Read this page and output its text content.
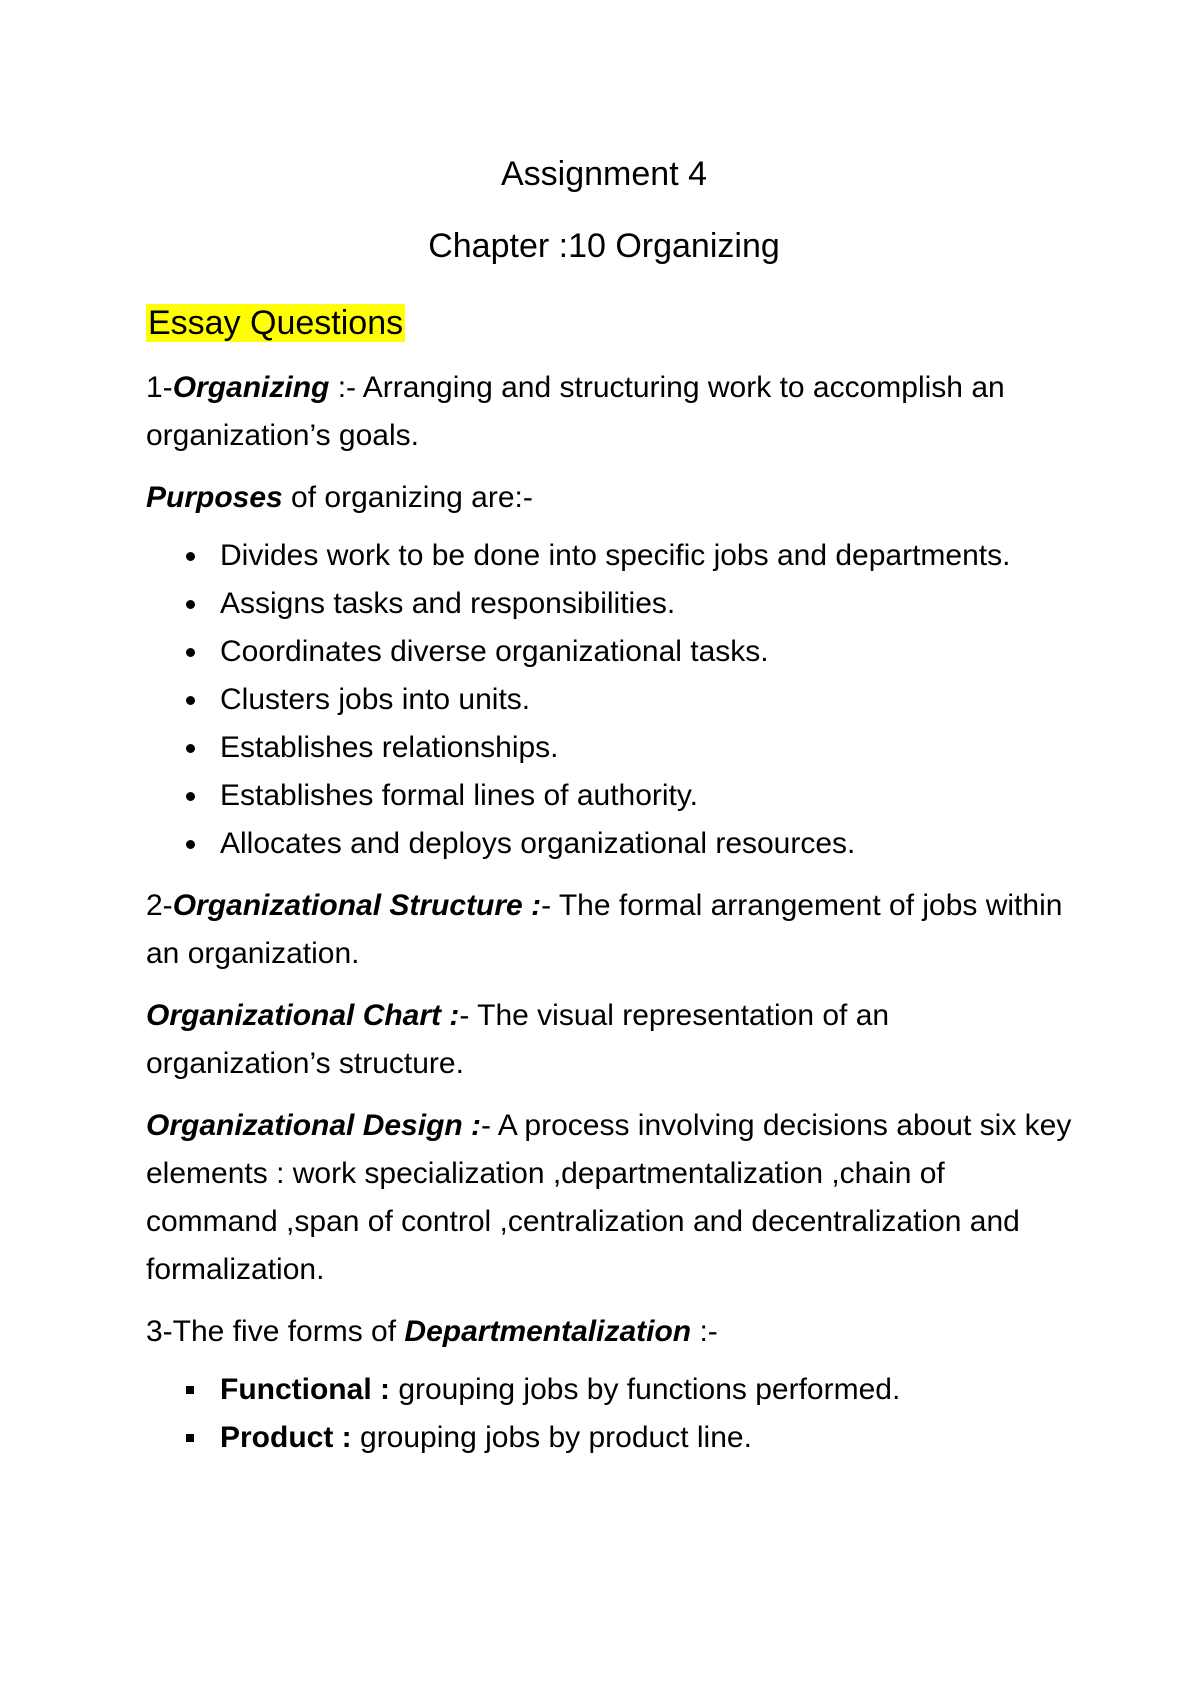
Assignment 4
Chapter :10 Organizing
Essay Questions

1-Organizing :- Arranging and structuring work to accomplish an organization’s goals.

Purposes of organizing are:-

Divides work to be done into specific jobs and departments.
Assigns tasks and responsibilities.
Coordinates diverse organizational tasks.
Clusters jobs into units.
Establishes relationships.
Establishes formal lines of authority.
Allocates and deploys organizational resources.

2-Organizational Structure :- The formal arrangement of jobs within an organization.

Organizational Chart :- The visual representation of an organization’s structure.

Organizational Design :- A process involving decisions about six key elements : work specialization ,departmentalization ,chain of command ,span of control ,centralization and decentralization and formalization.

3-The five forms of Departmentalization :-

Functional : grouping jobs by functions performed.
Product : grouping jobs by product line.
